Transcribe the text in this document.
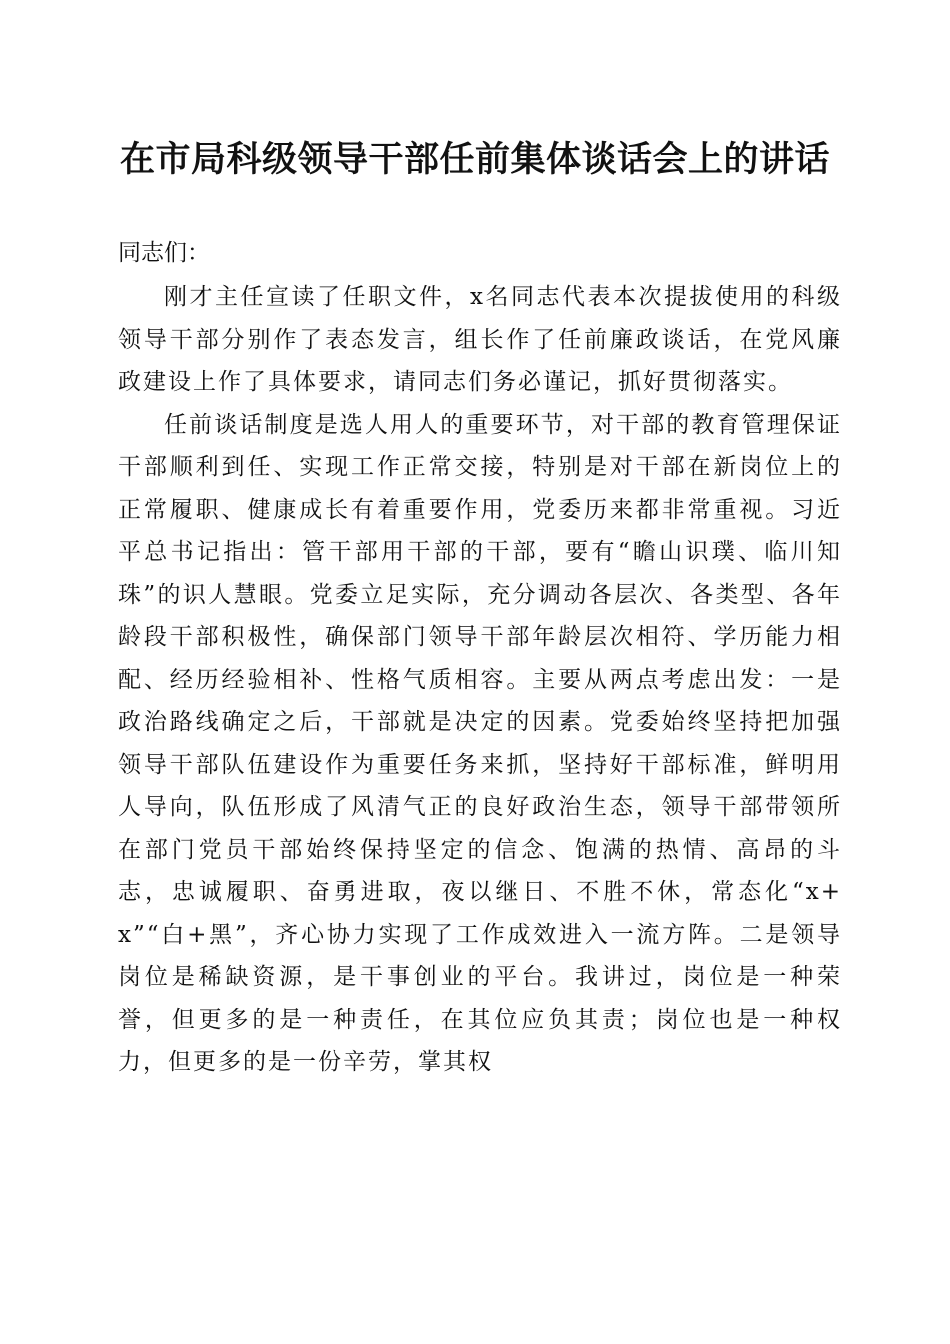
在市局科级领导干部任前集体谈话会上的讲话

同志们：

刚才主任宣读了任职文件，x名同志代表本次提拔使用的科级领导干部分别作了表态发言，组长作了任前廉政谈话，在党风廉政建设上作了具体要求，请同志们务必谨记，抓好贯彻落实。

任前谈话制度是选人用人的重要环节，对干部的教育管理保证干部顺利到任、实现工作正常交接，特别是对干部在新岗位上的正常履职、健康成长有着重要作用，党委历来都非常重视。习近平总书记指出：管干部用干部的干部，要有“瞻山识璞、临川知珠”的识人慧眼。党委立足实际，充分调动各层次、各类型、各年龄段干部积极性，确保部门领导干部年龄层次相符、学历能力相配、经历经验相补、性格气质相容。主要从两点考虑出发：一是政治路线确定之后，干部就是决定的因素。党委始终坚持把加强领导干部队伍建设作为重要任务来抓，坚持好干部标准，鲜明用人导向，队伍形成了风清气正的良好政治生态，领导干部带领所在部门党员干部始终保持坚定的信念、饱满的热情、高昂的斗志，忠诚履职、奋勇进取，夜以继日、不胜不休，常态化“x+x”“白+黑”，齐心协力实现了工作成效进入一流方阵。二是领导岗位是稀缺资源，是干事创业的平台。我讲过，岗位是一种荣誉，但更多的是一种责任，在其位应负其责；岗位也是一种权力，但更多的是一份辛劳，掌其权
